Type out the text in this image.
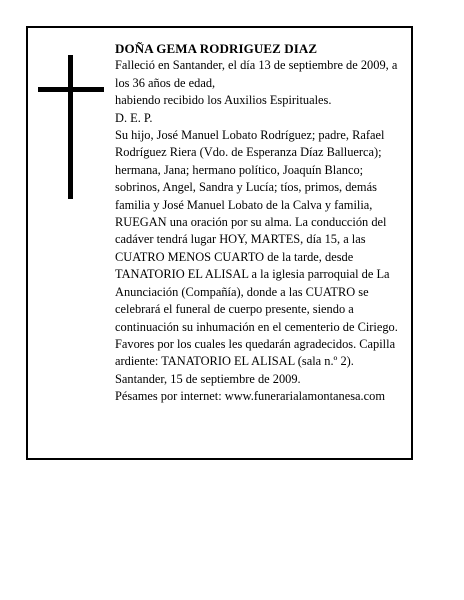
DOÑA GEMA RODRIGUEZ DIAZ

Falleció en Santander, el día 13 de septiembre de 2009, a los 36 años de edad,

habiendo recibido los Auxilios Espirituales.

D. E. P.

Su hijo, José Manuel Lobato Rodríguez; padre, Rafael Rodríguez Riera (Vdo. de Esperanza Díaz Balluerca); hermana, Jana; hermano político, Joaquín Blanco; sobrinos, Angel, Sandra y Lucía; tíos, primos, demás familia y José Manuel Lobato de la Calva y familia, RUEGAN una oración por su alma. La conducción del cadáver tendrá lugar HOY, MARTES, día 15, a las CUATRO MENOS CUARTO de la tarde, desde TANATORIO EL ALISAL a la iglesia parroquial de La Anunciación (Compañía), donde a las CUATRO se celebrará el funeral de cuerpo presente, siendo a continuación su inhumación en el cementerio de Ciriego. Favores por los cuales les quedarán agradecidos. Capilla ardiente: TANATORIO EL ALISAL (sala n.º 2).

Santander, 15 de septiembre de 2009.

Pésames por internet: www.funerarialamontanesa.com
